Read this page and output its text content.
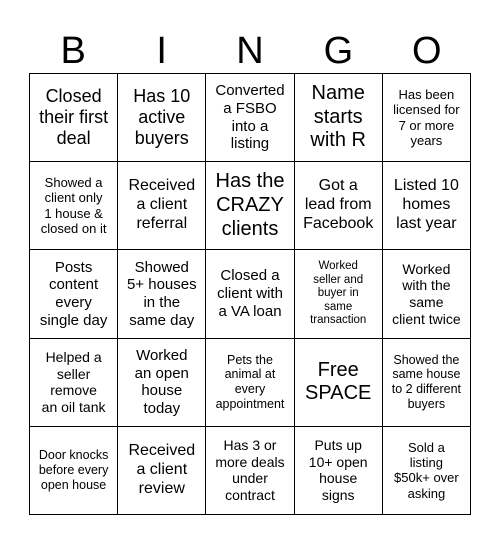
B	I	N	G	O
Closed
their first
deal
Has 10
active
buyers
Converted
a FSBO
into a
listing
Name
starts
with R
Has been
licensed for
7 or more
years
Showed a
client only
1 house &
closed on it
Received
a client
referral
Has the
CRAZY
clients
Got a
lead from
Facebook
Listed 10
homes
last year
Posts
content
every
single day
Showed
5+ houses
in the
same day
Closed a
client with
a VA loan
Worked
seller and
buyer in
same
transaction
Worked
with the
same
client twice
Helped a
seller
remove
an oil tank
Worked
an open
house
today
Pets the
animal at
every
appointment
Free
SPACE
Showed the
same house
to 2 different
buyers
Door knocks
before every
open house
Received
a client
review
Has 3 or
more deals
under
contract
Puts up
10+ open
house
signs
Sold a
listing
$50k+ over
asking
